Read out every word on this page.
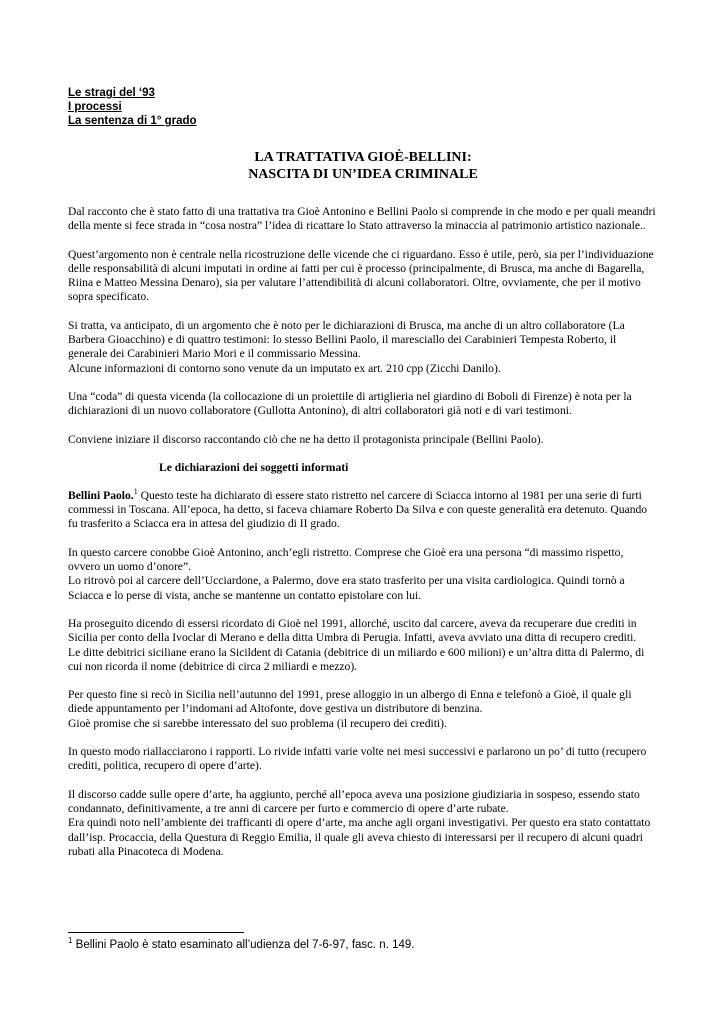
Le stragi del ‘93
I processi
La sentenza di 1° grado
LA TRATTATIVA GIOÈ-BELLINI:
NASCITA DI UN’IDEA CRIMINALE

Dal racconto che è stato fatto di una trattativa tra Gioè Antonino e Bellini Paolo si comprende in che modo e per quali meandri della mente si fece strada in “cosa nostra” l’idea di ricattare lo Stato attraverso la minaccia al patrimonio artistico nazionale..

Quest’argomento non è centrale nella ricostruzione delle vicende che ci riguardano. Esso è utile, però, sia per l’individuazione delle responsabilità di alcuni imputati in ordine ai fatti per cui è processo (principalmente, di Brusca, ma anche di Bagarella, Riina e Matteo Messina Denaro), sia per valutare l’attendibilità di alcuni collaboratori. Oltre, ovviamente, che per il motivo sopra specificato.

Si tratta, va anticipato, di un argomento che è noto per le dichiarazioni di Brusca, ma anche di un altro collaboratore (La Barbera Gioacchino) e di quattro testimoni: lo stesso Bellini Paolo, il maresciallo dei Carabinieri Tempesta Roberto, il generale dei Carabinieri Mario Mori e il commissario Messina.

Alcune informazioni di contorno sono venute da un imputato ex art. 210 cpp (Zicchi Danilo).

Una “coda” di questa vicenda (la collocazione di un proiettile di artiglieria nel giardino di Boboli di Firenze) è nota per la dichiarazioni di un nuovo collaboratore (Gullotta Antonino), di altri collaboratori già noti e di vari testimoni.

Conviene iniziare il discorso raccontando ciò che ne ha detto il protagonista principale (Bellini Paolo).

Le dichiarazioni dei soggetti informati

Bellini Paolo.$^1$ Questo teste ha dichiarato di essere stato ristretto nel carcere di Sciacca intorno al 1981 per una serie di furti commessi in Toscana. All’epoca, ha detto, si faceva chiamare Roberto Da Silva e con queste generalità era detenuto. Quando fu trasferito a Sciacca era in attesa del giudizio di II grado.

In questo carcere conobbe Gioè Antonino, anch’egli ristretto. Comprese che Gioè era una persona “di massimo rispetto, ovvero un uomo d’onore”.

Lo ritrovò poi al carcere dell’Ucciardone, a Palermo, dove era stato trasferito per una visita cardiologica. Quindi tornò a Sciacca e lo perse di vista, anche se mantenne un contatto epistolare con lui.

Ha proseguito dicendo di essersi ricordato di Gioè nel 1991, allorché, uscito dal carcere, aveva da recuperare due crediti in Sicilia per conto della Ivoclar di Merano e della ditta Umbra di Perugia. Infatti, aveva avviato una ditta di recupero crediti.

Le ditte debitrici siciliane erano la Sicildent di Catania (debitrice di un miliardo e 600 milioni) e un’altra ditta di Palermo, di cui non ricorda il nome (debitrice di circa 2 miliardi e mezzo).

Per questo fine si recò in Sicilia nell’autunno del 1991, prese alloggio in un albergo di Enna e telefonò a Gioè, il quale gli diede appuntamento per l’indomani ad Altofonte, dove gestiva un distributore di benzina.

Gioè promise che si sarebbe interessato del suo problema (il recupero dei crediti).

In questo modo riallacciarono i rapporti. Lo rivide infatti varie volte nei mesi successivi e parlarono un po’ di tutto (recupero crediti, politica, recupero di opere d’arte).

Il discorso cadde sulle opere d’arte, ha aggiunto, perché all’epoca aveva una posizione giudiziaria in sospeso, essendo stato condannato, definitivamente, a tre anni di carcere per furto e commercio di opere d’arte rubate.

Era quindi noto nell’ambiente dei trafficanti di opere d’arte, ma anche agli organi investigativi. Per questo era stato contattato dall’isp. Procaccia, della Questura di Reggio Emilia, il quale gli aveva chiesto di interessarsi per il recupero di alcuni quadri rubati alla Pinacoteca di Modena.

$^1$ Bellini Paolo è stato esaminato all’udienza del 7-6-97, fasc. n. 149.
